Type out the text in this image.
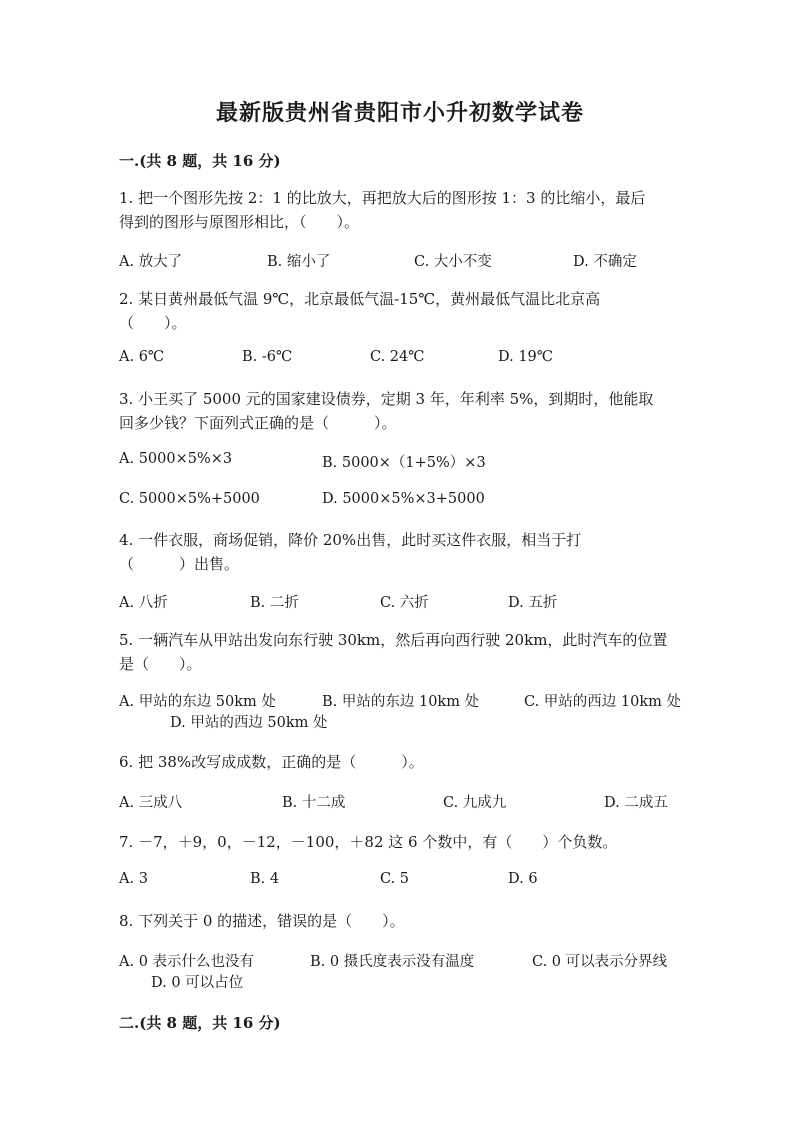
最新版贵州省贵阳市小升初数学试卷
一.(共 8 题，共 16 分)
1. 把一个图形先按 2：1 的比放大，再把放大后的图形按 1：3 的比缩小，最后
得到的图形与原图形相比，（　　）。
A. 放大了	B. 缩小了	C. 大小不变	D. 不确定
2. 某日黄州最低气温 9℃，北京最低气温-15℃，黄州最低气温比北京高
（　　）。
A. 6℃	B. -6℃	C. 24℃	D. 19℃
3. 小王买了 5000 元的国家建设债券，定期 3 年，年利率 5%，到期时，他能取
回多少钱？下面列式正确的是（　　　）。
A. 5000×5%×3	B. 5000×（1+5%）×3
C. 5000×5%+5000	D. 5000×5%×3+5000
4. 一件衣服，商场促销，降价 20%出售，此时买这件衣服，相当于打
（　　　）出售。
A. 八折	B. 二折	C. 六折	D. 五折
5. 一辆汽车从甲站出发向东行驶 30km，然后再向西行驶 20km，此时汽车的位置
是（　　）。
A. 甲站的东边 50km 处	B. 甲站的东边 10km 处	C. 甲站的西边 10km 处
D. 甲站的西边 50km 处
6. 把 38%改写成成数，正确的是（　　　）。
A. 三成八	B. 十二成	C. 九成九	D. 二成五
7. －7，＋9，0，－12，－100，＋82 这 6 个数中，有（　　）个负数。
A. 3	B. 4	C. 5	D. 6
8. 下列关于 0 的描述，错误的是（　　）。
A. 0 表示什么也没有	B. 0 摄氏度表示没有温度	C. 0 可以表示分界线
D. 0 可以占位
二.(共 8 题，共 16 分)
